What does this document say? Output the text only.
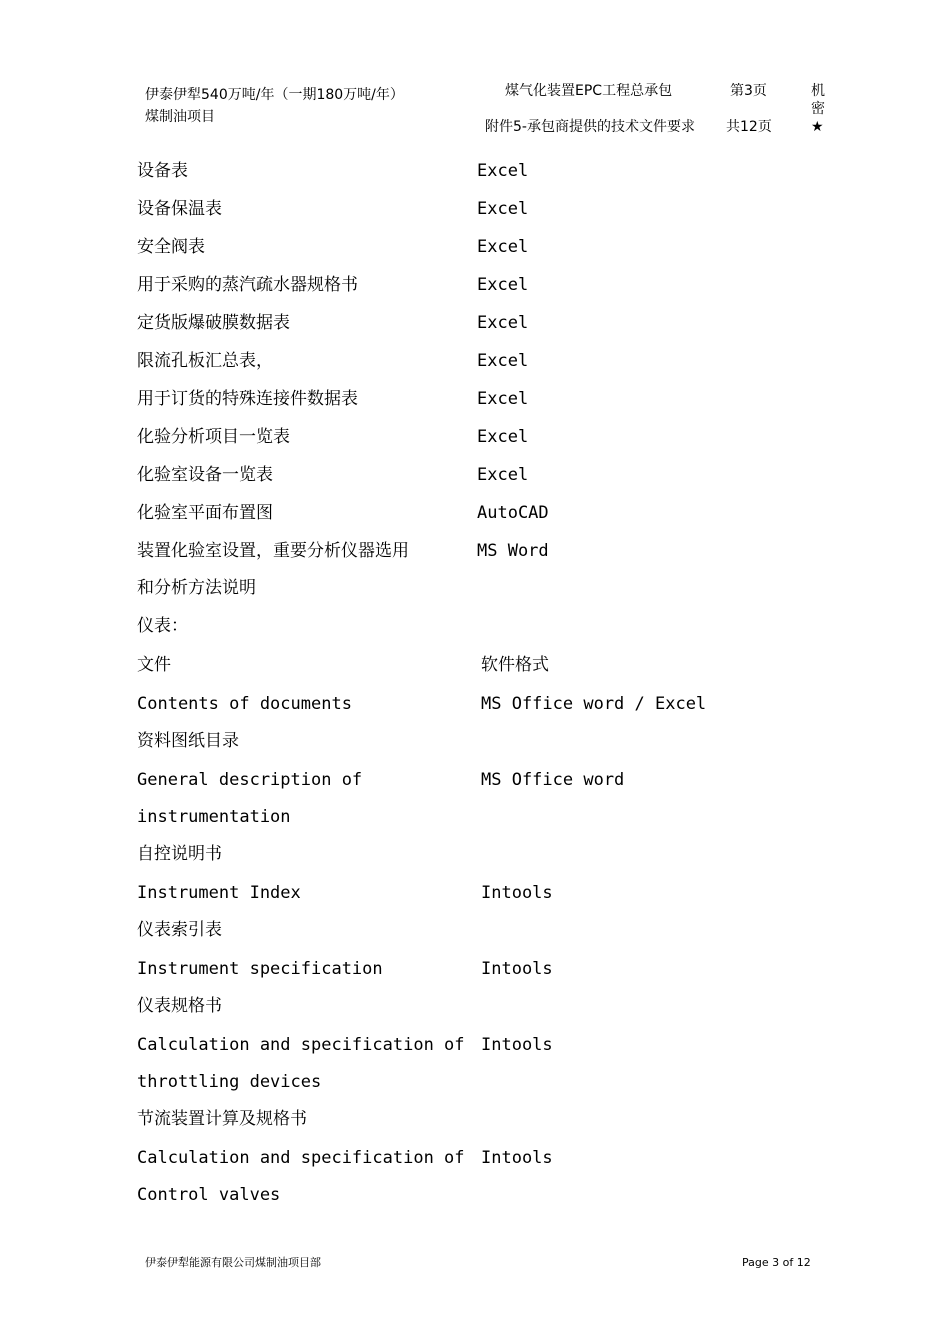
伊泰伊犁540万吨/年（一期180万吨/年）
煤制油项目
煤气化装置EPC工程总承包
附件5-承包商提供的技术文件要求
第3页
共12页
机
密
★
设备表	Excel
设备保温表	Excel
安全阀表	Excel
用于采购的蒸汽疏水器规格书	Excel
定货版爆破膜数据表	Excel
限流孔板汇总表，	Excel
用于订货的特殊连接件数据表	Excel
化验分析项目一览表	Excel
化验室设备一览表	Excel
化验室平面布置图	AutoCAD
装置化验室设置，重要分析仪器选用	MS Word
和分析方法说明
仪表：
文件	软件格式
Contents of documents	MS Office word / Excel
资料图纸目录
General description of	MS Office word
instrumentation
自控说明书
Instrument Index	Intools
仪表索引表
Instrument specification	Intools
仪表规格书
Calculation and specification of Intools
throttling devices
节流装置计算及规格书
Calculation and specification of Intools
Control valves
伊泰伊犁能源有限公司煤制油项目部	Page 3 of 12
